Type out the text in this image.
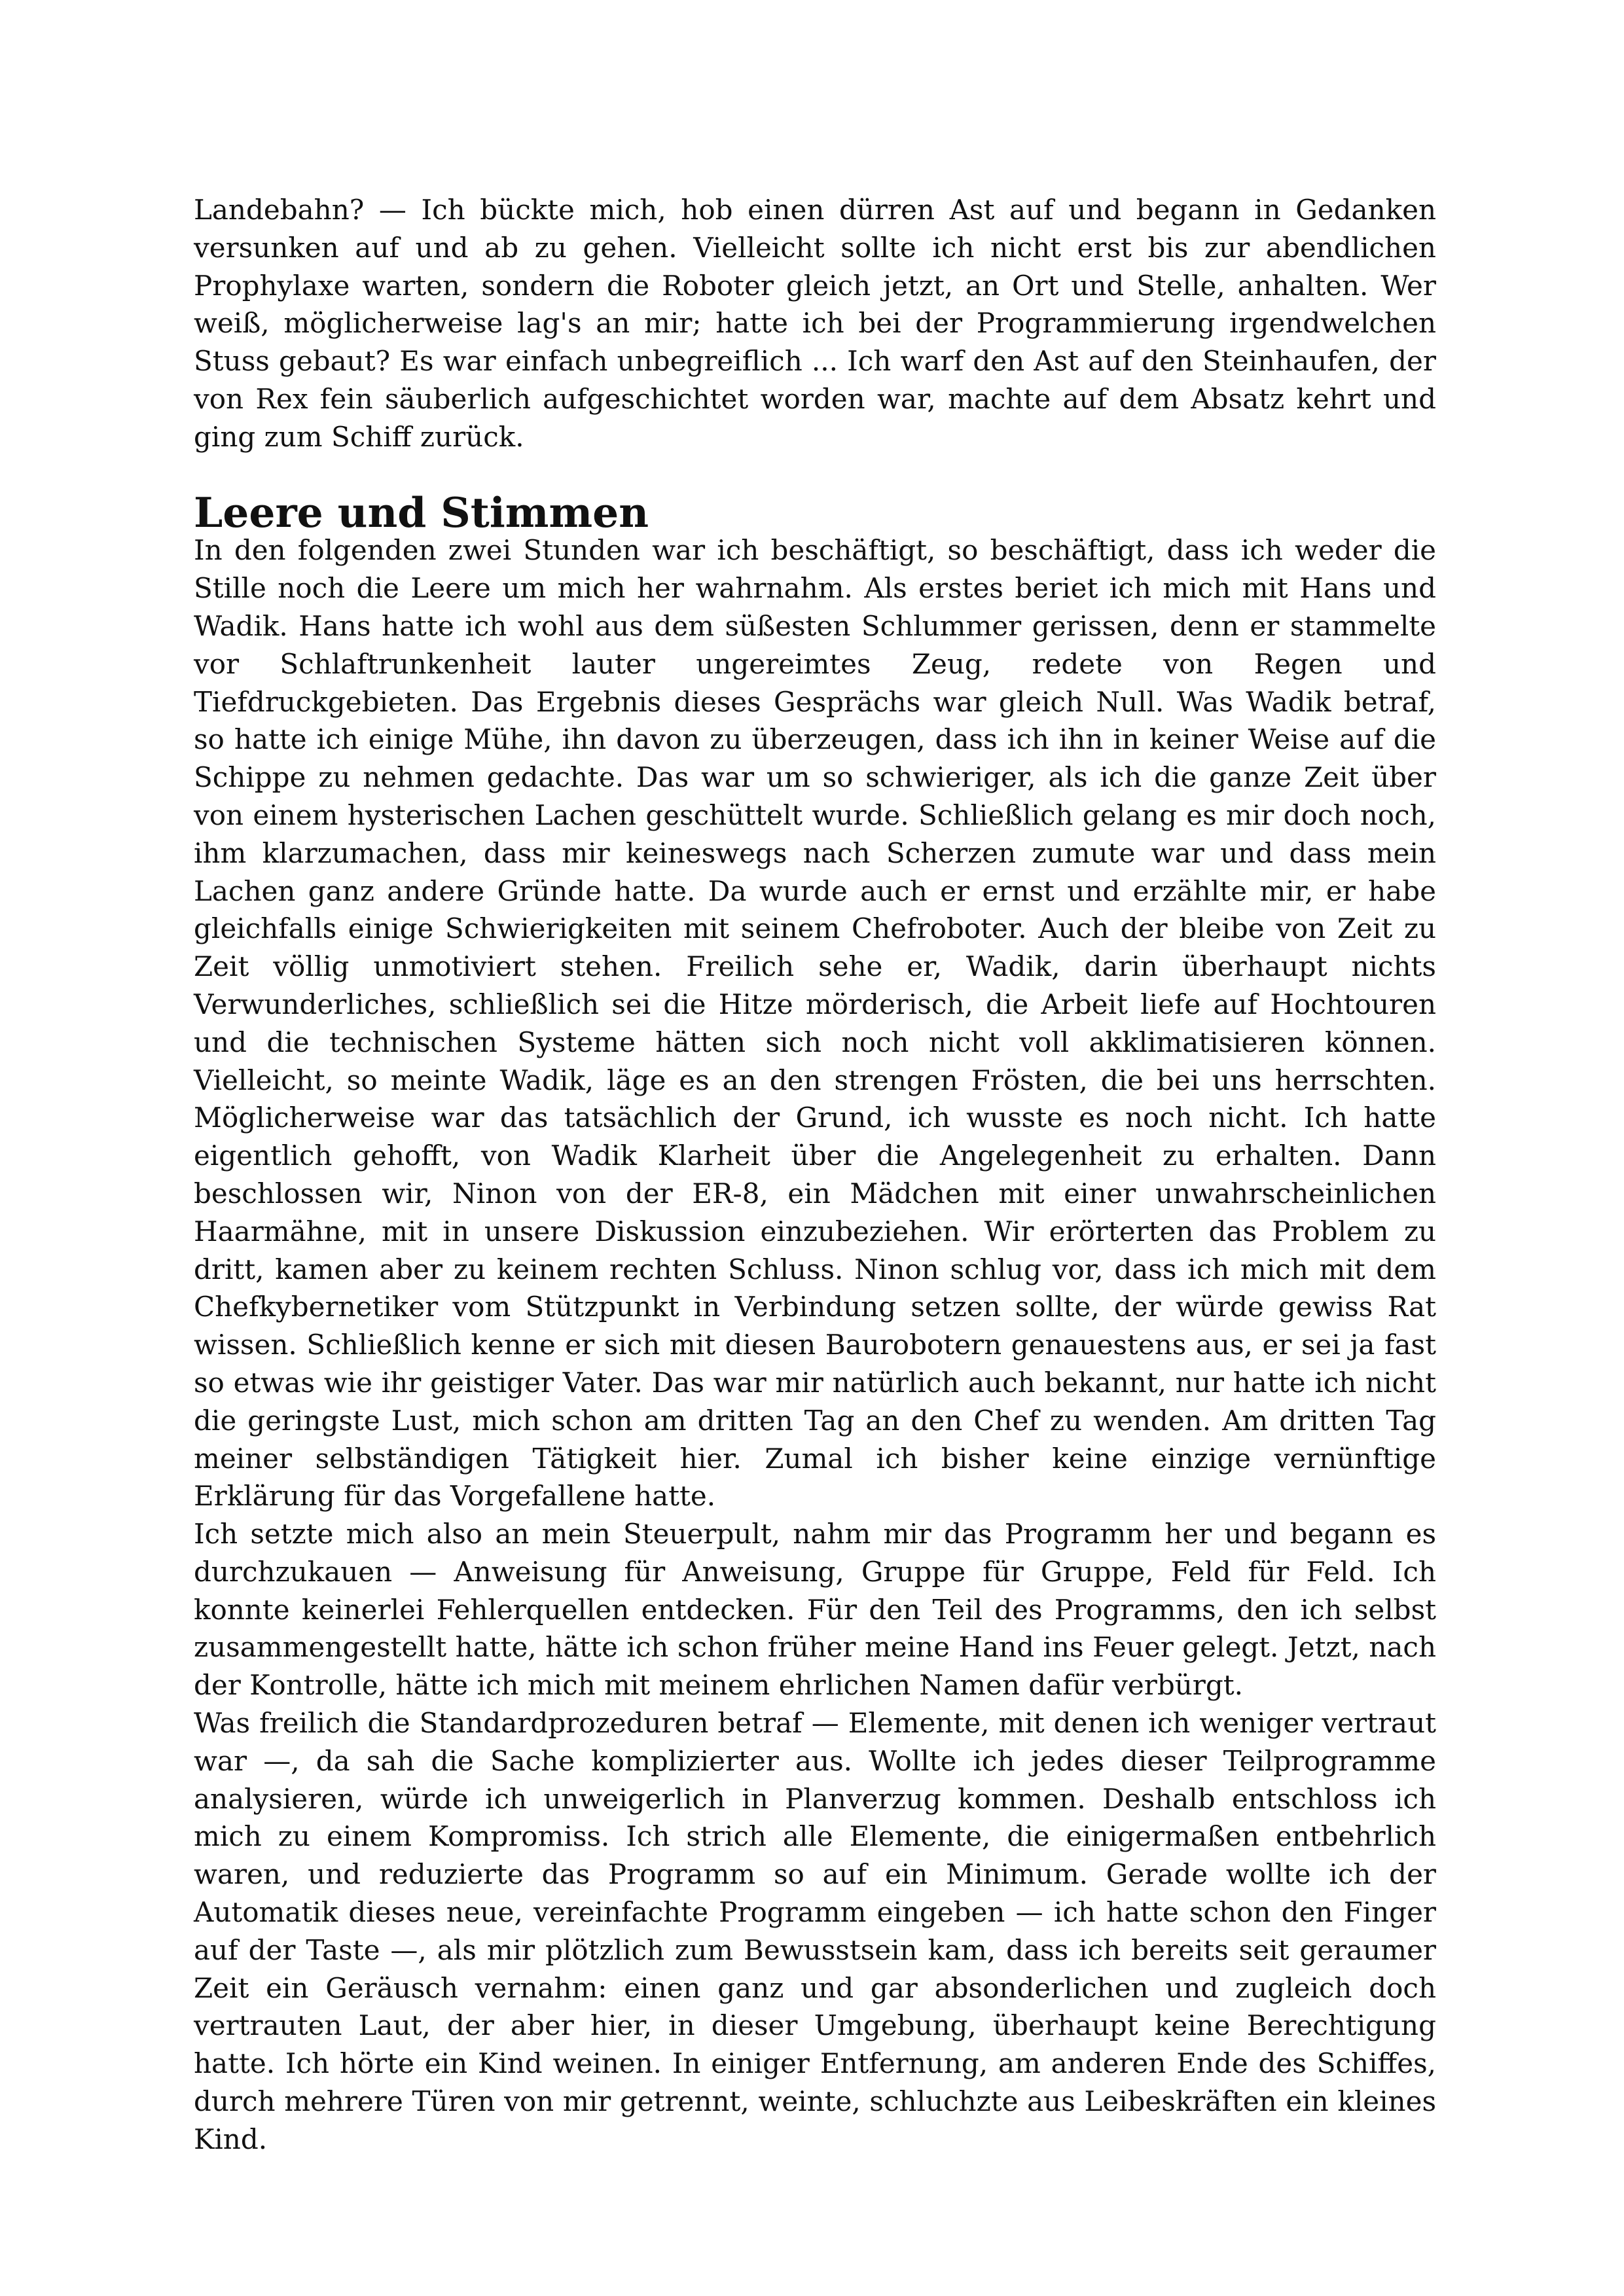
Landebahn? — Ich bückte mich, hob einen dürren Ast auf und begann in Gedanken versunken auf und ab zu gehen. Vielleicht sollte ich nicht erst bis zur abendlichen Prophylaxe warten, sondern die Roboter gleich jetzt, an Ort und Stelle, anhalten. Wer weiß, möglicherweise lag's an mir; hatte ich bei der Programmierung irgendwelchen Stuss gebaut? Es war einfach unbegreiflich ... Ich warf den Ast auf den Steinhaufen, der von Rex fein säuberlich aufgeschichtet worden war, machte auf dem Absatz kehrt und ging zum Schiff zurück.

Leere und Stimmen

In den folgenden zwei Stunden war ich beschäftigt, so beschäftigt, dass ich weder die Stille noch die Leere um mich her wahrnahm. Als erstes beriet ich mich mit Hans und Wadik. Hans hatte ich wohl aus dem süßesten Schlummer gerissen, denn er stammelte vor Schlaftrunkenheit lauter ungereimtes Zeug, redete von Regen und Tiefdruckgebieten. Das Ergebnis dieses Gesprächs war gleich Null. Was Wadik betraf, so hatte ich einige Mühe, ihn davon zu überzeugen, dass ich ihn in keiner Weise auf die Schippe zu nehmen gedachte. Das war um so schwieriger, als ich die ganze Zeit über von einem hysterischen Lachen geschüttelt wurde. Schließlich gelang es mir doch noch, ihm klarzumachen, dass mir keineswegs nach Scherzen zumute war und dass mein Lachen ganz andere Gründe hatte. Da wurde auch er ernst und erzählte mir, er habe gleichfalls einige Schwierigkeiten mit seinem Chefroboter. Auch der bleibe von Zeit zu Zeit völlig unmotiviert stehen. Freilich sehe er, Wadik, darin überhaupt nichts Verwunderliches, schließlich sei die Hitze mörderisch, die Arbeit liefe auf Hochtouren und die technischen Systeme hätten sich noch nicht voll akklimatisieren können. Vielleicht, so meinte Wadik, läge es an den strengen Frösten, die bei uns herrschten. Möglicherweise war das tatsächlich der Grund, ich wusste es noch nicht. Ich hatte eigentlich gehofft, von Wadik Klarheit über die Angelegenheit zu erhalten. Dann beschlossen wir, Ninon von der ER-8, ein Mädchen mit einer unwahrscheinlichen Haarmähne, mit in unsere Diskussion einzubeziehen. Wir erörterten das Problem zu dritt, kamen aber zu keinem rechten Schluss. Ninon schlug vor, dass ich mich mit dem Chefkybernetiker vom Stützpunkt in Verbindung setzen sollte, der würde gewiss Rat wissen. Schließlich kenne er sich mit diesen Baurobotern genauestens aus, er sei ja fast so etwas wie ihr geistiger Vater. Das war mir natürlich auch bekannt, nur hatte ich nicht die geringste Lust, mich schon am dritten Tag an den Chef zu wenden. Am dritten Tag meiner selbständigen Tätigkeit hier. Zumal ich bisher keine einzige vernünftige Erklärung für das Vorgefallene hatte.

Ich setzte mich also an mein Steuerpult, nahm mir das Programm her und begann es durchzukauen — Anweisung für Anweisung, Gruppe für Gruppe, Feld für Feld. Ich konnte keinerlei Fehlerquellen entdecken. Für den Teil des Programms, den ich selbst zusammengestellt hatte, hätte ich schon früher meine Hand ins Feuer gelegt. Jetzt, nach der Kontrolle, hätte ich mich mit meinem ehrlichen Namen dafür verbürgt.

Was freilich die Standardprozeduren betraf — Elemente, mit denen ich weniger vertraut war —, da sah die Sache komplizierter aus. Wollte ich jedes dieser Teilprogramme analysieren, würde ich unweigerlich in Planverzug kommen. Deshalb entschloss ich mich zu einem Kompromiss. Ich strich alle Elemente, die einigermaßen entbehrlich waren, und reduzierte das Programm so auf ein Minimum. Gerade wollte ich der Automatik dieses neue, vereinfachte Programm eingeben — ich hatte schon den Finger auf der Taste —, als mir plötzlich zum Bewusstsein kam, dass ich bereits seit geraumer Zeit ein Geräusch vernahm: einen ganz und gar absonderlichen und zugleich doch vertrauten Laut, der aber hier, in dieser Umgebung, überhaupt keine Berechtigung hatte. Ich hörte ein Kind weinen. In einiger Entfernung, am anderen Ende des Schiffes, durch mehrere Türen von mir getrennt, weinte, schluchzte aus Leibeskräften ein kleines Kind.
